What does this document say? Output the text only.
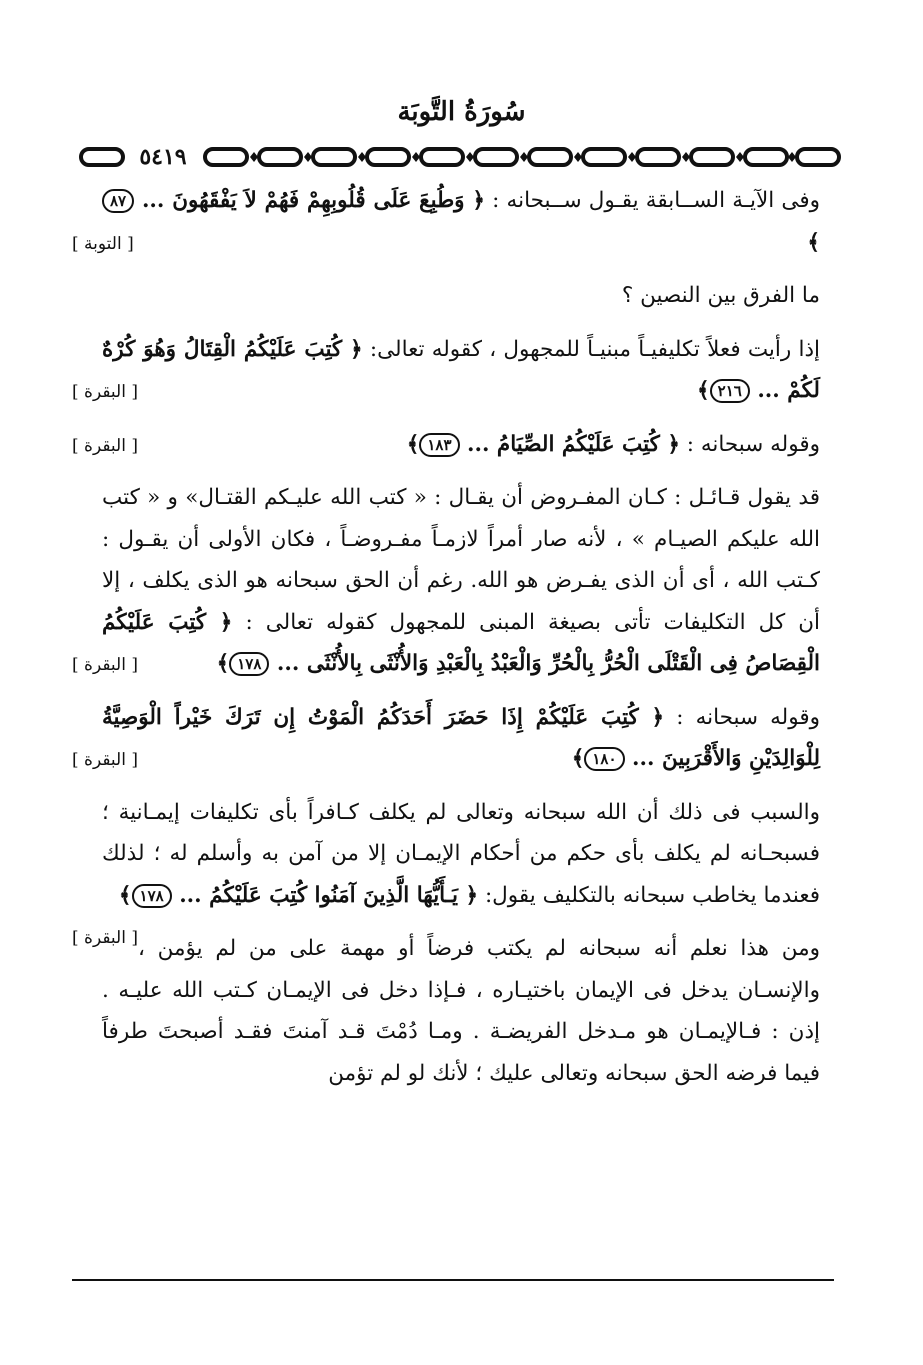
سُورَةُ التَّوبَة
٥٤١٩

وفى الآيـة الســابقة يقـول ســبحانه : ﴿ وَطُبِعَ عَلَى قُلُوبِهِمْ فَهُمْ لاَ يَفْقَهُونَ ... ٨٧﴾
[ التوبة ]

ما الفرق بين النصين ؟

إذا رأيت فعلاً تكليفيـاً مبنيـاً للمجهول ، كقوله تعالى: ﴿ كُتِبَ عَلَيْكُمُ الْقِتَالُ وَهُوَ كُرْهٌ لَكُمْ ... ٢١٦﴾
[ البقرة ]

وقوله سبحانه : ﴿ كُتِبَ عَلَيْكُمُ الصِّيَامُ ... ١٨٣﴾
[ البقرة ]

قد يقول قـائـل : كـان المفـروض أن يقـال : « كتب الله عليـكم القتـال» و « كتب الله عليكم الصيـام » ، لأنه صار أمراً لازمـاً مفـروضـاً ، فكان الأولى أن يقـول : كـتب الله ، أى أن الذى يفـرض هو الله. رغم أن الحق سبحانه هو الذى يكلف ، إلا أن كل التكليفات تأتى بصيغة المبنى للمجهول كقوله تعالى : ﴿ كُتِبَ عَلَيْكُمُ الْقِصَاصُ فِى الْقَتْلَى الْحُرُّ بِالْحُرِّ وَالْعَبْدُ بِالْعَبْدِ وَالأُنْثَى بِالأُنْثَى ... ١٧٨﴾
[ البقرة ]

وقوله سبحانه : ﴿ كُتِبَ عَلَيْكُمْ إِذَا حَضَرَ أَحَدَكُمُ الْمَوْتُ إِن تَرَكَ خَيْراً الْوَصِيَّةُ لِلْوَالِدَيْنِ وَالأَقْرَبِينَ ... ١٨٠﴾
[ البقرة ]

والسبب فى ذلك أن الله سبحانه وتعالى لم يكلف كـافراً بأى تكليفات إيمـانية ؛ فسبحـانه لم يكلف بأى حكم من أحكام الإيمـان إلا من آمن به وأسلم له ؛ لذلك فعندما يخاطب سبحانه بالتكليف يقول: ﴿ يَـأَيُّهَا الَّذِينَ آمَنُوا كُتِبَ عَلَيْكُمُ ... ١٧٨﴾
[ البقرة ] ومن هذا نعلم أنه سبحانه لم يكتب فرضاً أو مهمة على من لم يؤمن ، والإنسـان يدخل فى الإيمان باختيـاره ، فـإذا دخل فى الإيمـان كـتب الله عليـه . إذن : فـالإيمـان هو مـدخل الفريضـة . ومـا دُمْتَ قـد آمنتَ فقـد أصبحتَ طرفاً فيما فرضه الحق سبحانه وتعالى عليك ؛ لأنك لو لم تؤمن
